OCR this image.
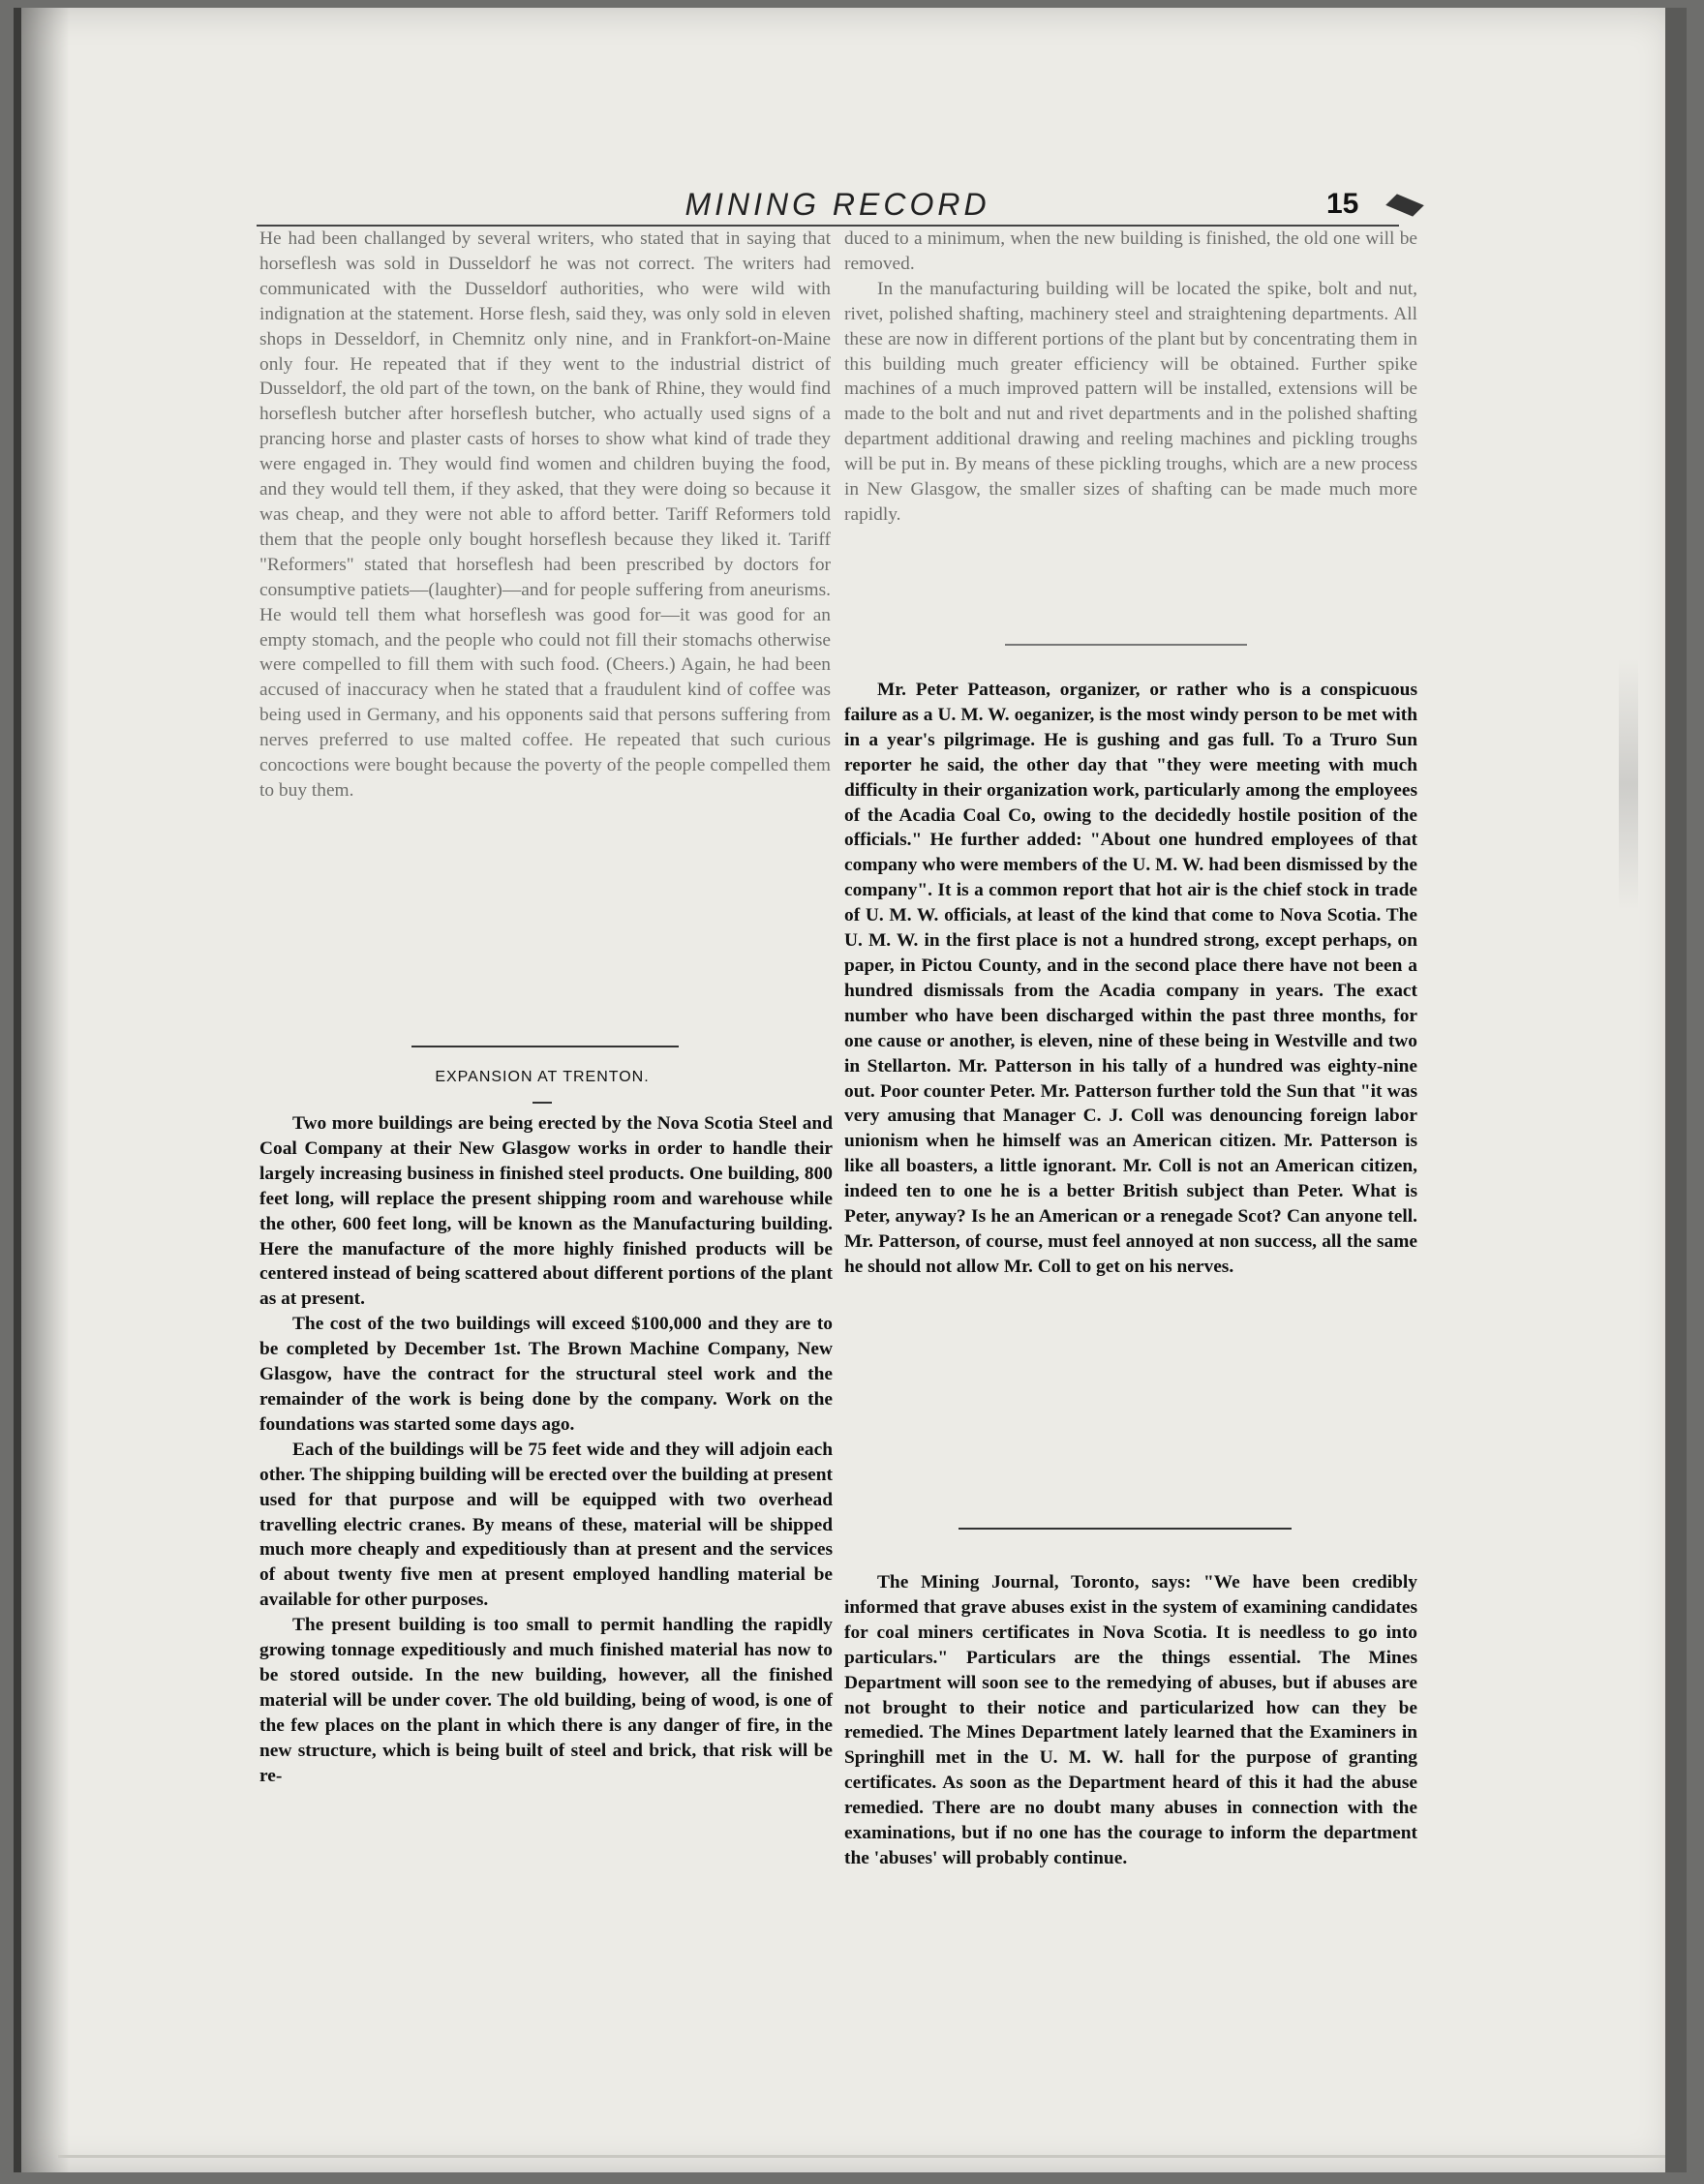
MINING RECORD	15

He had been challanged by several writers, who stated that in saying that horseflesh was sold in Dusseldorf he was not correct. The writers had communicated with the Dusseldorf authorities, who were wild with indignation at the statement. Horse flesh, said they, was only sold in eleven shops in Desseldorf, in Chemnitz only nine, and in Frankfort-on-Maine only four. He repeated that if they went to the industrial district of Dusseldorf, the old part of the town, on the bank of Rhine, they would find horseflesh butcher after horseflesh butcher, who actually used signs of a prancing horse and plaster casts of horses to show what kind of trade they were engaged in. They would find women and children buying the food, and they would tell them, if they asked, that they were doing so because it was cheap, and they were not able to afford better. Tariff Reformers told them that the people only bought horseflesh because they liked it. Tariff "Reformers" stated that horseflesh had been prescribed by doctors for consumptive patiets—(laughter)—and for people suffering from aneurisms. He would tell them what horseflesh was good for—it was good for an empty stomach, and the people who could not fill their stomachs otherwise were compelled to fill them with such food. (Cheers.) Again, he had been accused of inaccuracy when he stated that a fraudulent kind of coffee was being used in Germany, and his opponents said that persons suffering from nerves preferred to use malted coffee. He repeated that such curious concoctions were bought because the poverty of the people compelled them to buy them.

EXPANSION AT TRENTON.

Two more buildings are being erected by the Nova Scotia Steel and Coal Company at their New Glasgow works in order to handle their largely increasing business in finished steel products. One building, 800 feet long, will replace the present shipping room and warehouse while the other, 600 feet long, will be known as the Manufacturing building. Here the manufacture of the more highly finished products will be centered instead of being scattered about different portions of the plant as at present.

The cost of the two buildings will exceed $100,000 and they are to be completed by December 1st. The Brown Machine Company, New Glasgow, have the contract for the structural steel work and the remainder of the work is being done by the company. Work on the foundations was started some days ago.

Each of the buildings will be 75 feet wide and they will adjoin each other. The shipping building will be erected over the building at present used for that purpose and will be equipped with two overhead travelling electric cranes. By means of these, material will be shipped much more cheaply and expeditiously than at present and the services of about twenty five men at present employed handling material be available for other purposes.

The present building is too small to permit handling the rapidly growing tonnage expeditiously and much finished material has now to be stored outside. In the new building, however, all the finished material will be under cover. The old building, being of wood, is one of the few places on the plant in which there is any danger of fire, in the new structure, which is being built of steel and brick, that risk will be re-

duced to a minimum, when the new building is finished, the old one will be removed.

In the manufacturing building will be located the spike, bolt and nut, rivet, polished shafting, machinery steel and straightening departments. All these are now in different portions of the plant but by concentrating them in this building much greater efficiency will be obtained. Further spike machines of a much improved pattern will be installed, extensions will be made to the bolt and nut and rivet departments and in the polished shafting department additional drawing and reeling machines and pickling troughs will be put in. By means of these pickling troughs, which are a new process in New Glasgow, the smaller sizes of shafting can be made much more rapidly.

Mr. Peter Patteason, organizer, or rather who is a conspicuous failure as a U. M. W. oeganizer, is the most windy person to be met with in a year's pilgrimage. He is gushing and gas full. To a Truro Sun reporter he said, the other day that "they were meeting with much difficulty in their organization work, particularly among the employees of the Acadia Coal Co, owing to the decidedly hostile position of the officials." He further added: "About one hundred employees of that company who were members of the U. M. W. had been dismissed by the company". It is a common report that hot air is the chief stock in trade of U. M. W. officials, at least of the kind that come to Nova Scotia. The U. M. W. in the first place is not a hundred strong, except perhaps, on paper, in Pictou County, and in the second place there have not been a hundred dismissals from the Acadia company in years. The exact number who have been discharged within the past three months, for one cause or another, is eleven, nine of these being in Westville and two in Stellarton. Mr. Patterson in his tally of a hundred was eighty-nine out. Poor counter Peter. Mr. Patterson further told the Sun that "it was very amusing that Manager C. J. Coll was denouncing foreign labor unionism when he himself was an American citizen. Mr. Patterson is like all boasters, a little ignorant. Mr. Coll is not an American citizen, indeed ten to one he is a better British subject than Peter. What is Peter, anyway? Is he an American or a renegade Scot? Can anyone tell. Mr. Patterson, of course, must feel annoyed at non success, all the same he should not allow Mr. Coll to get on his nerves.

The Mining Journal, Toronto, says: "We have been credibly informed that grave abuses exist in the system of examining candidates for coal miners certificates in Nova Scotia. It is needless to go into particulars." Particulars are the things essential. The Mines Department will soon see to the remedying of abuses, but if abuses are not brought to their notice and particularized how can they be remedied. The Mines Department lately learned that the Examiners in Springhill met in the U. M. W. hall for the purpose of granting certificates. As soon as the Department heard of this it had the abuse remedied. There are no doubt many abuses in connection with the examinations, but if no one has the courage to inform the department the 'abuses' will probably continue.
